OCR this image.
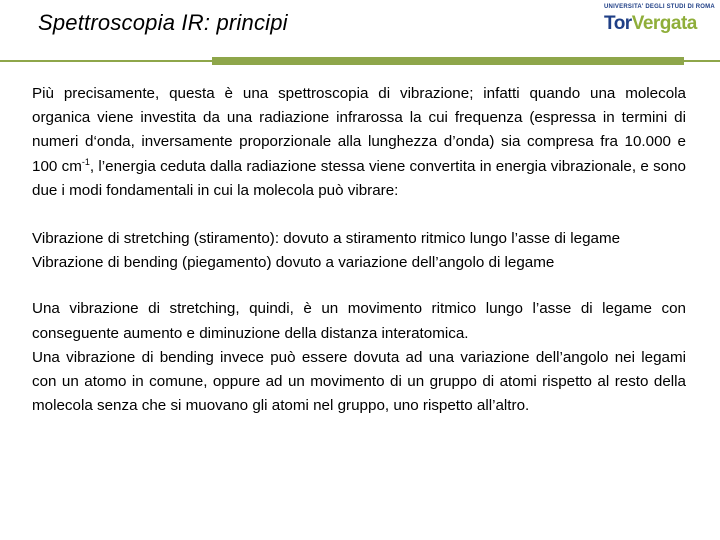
Spettroscopia IR: principi
UNIVERSITA' DEGLI STUDI DI ROMA
TorVergata

Più precisamente, questa è una spettroscopia di vibrazione; infatti quando una molecola organica viene investita da una radiazione infrarossa la cui frequenza (espressa in termini di numeri d‘onda, inversamente proporzionale alla lunghezza d’onda) sia compresa fra 10.000 e 100 $cm^{-1}$, l’energia ceduta dalla radiazione stessa viene convertita in energia vibrazionale, e sono due i modi fondamentali in cui la molecola può vibrare:

Vibrazione di stretching (stiramento): dovuto a stiramento ritmico lungo l’asse di legame

Vibrazione di bending (piegamento) dovuto a variazione dell’angolo di legame

Una vibrazione di stretching, quindi, è un movimento ritmico lungo l’asse di legame con conseguente aumento e diminuzione della distanza interatomica.

Una vibrazione di bending invece può essere dovuta ad una variazione dell’angolo nei legami con un atomo in comune, oppure ad un movimento di un gruppo di atomi rispetto al resto della molecola senza che si muovano gli atomi nel gruppo, uno rispetto all’altro.
